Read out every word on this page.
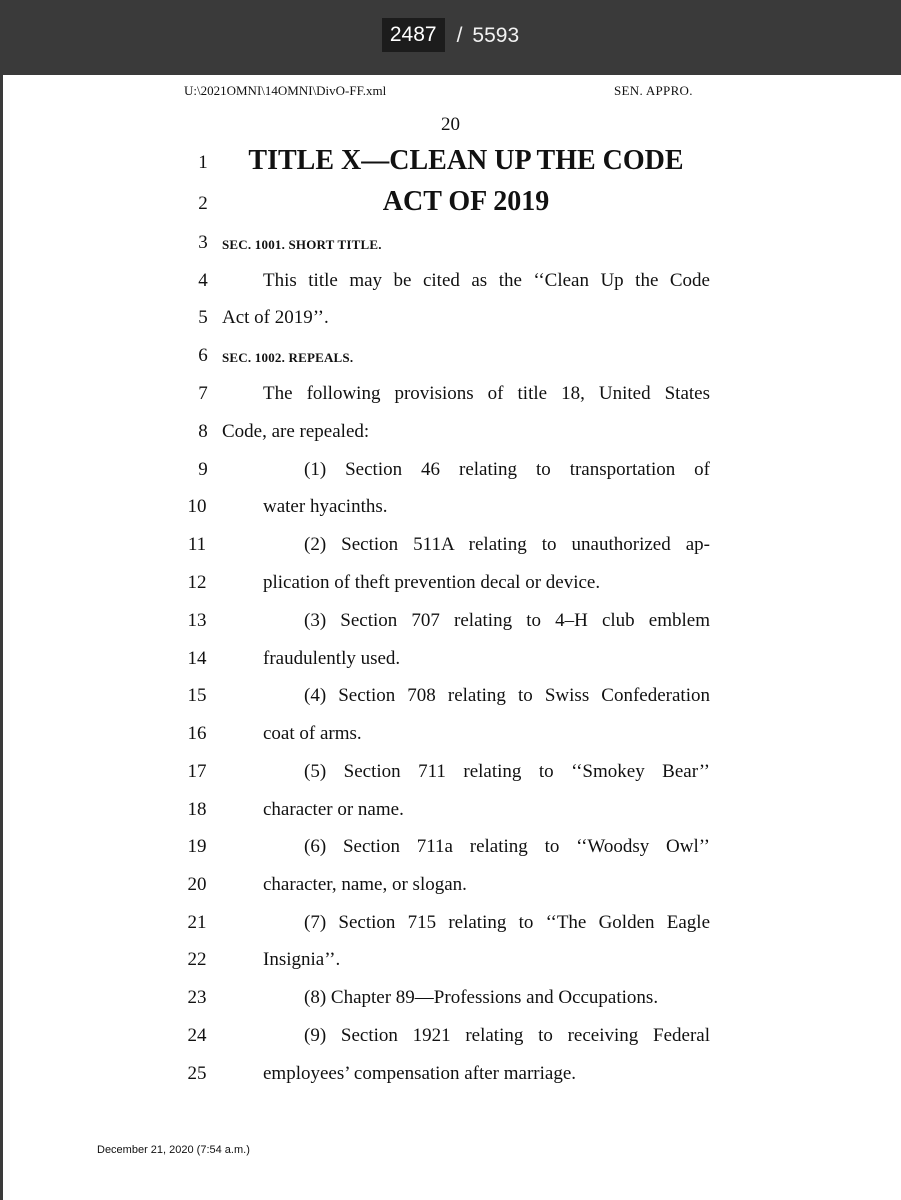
2487 / 5593
U:\2021OMNI\14OMNI\DivO-FF.xml	SEN. APPRO.
20
1	TITLE X—CLEAN UP THE CODE
2	ACT OF 2019
3	SEC. 1001. SHORT TITLE.
4	This title may be cited as the ‘‘Clean Up the Code
5 Act of 2019’’.
6	SEC. 1002. REPEALS.
7	The following provisions of title 18, United States
8 Code, are repealed:
9	(1) Section 46 relating to transportation of
10	water hyacinths.
11	(2) Section 511A relating to unauthorized ap-
12	plication of theft prevention decal or device.
13	(3) Section 707 relating to 4–H club emblem
14	fraudulently used.
15	(4) Section 708 relating to Swiss Confederation
16	coat of arms.
17	(5) Section 711 relating to ‘‘Smokey Bear’’
18	character or name.
19	(6) Section 711a relating to ‘‘Woodsy Owl’’
20	character, name, or slogan.
21	(7) Section 715 relating to ‘‘The Golden Eagle
22	Insignia’’.
23	(8) Chapter 89—Professions and Occupations.
24	(9) Section 1921 relating to receiving Federal
25	employees’ compensation after marriage.
December 21, 2020 (7:54 a.m.)
